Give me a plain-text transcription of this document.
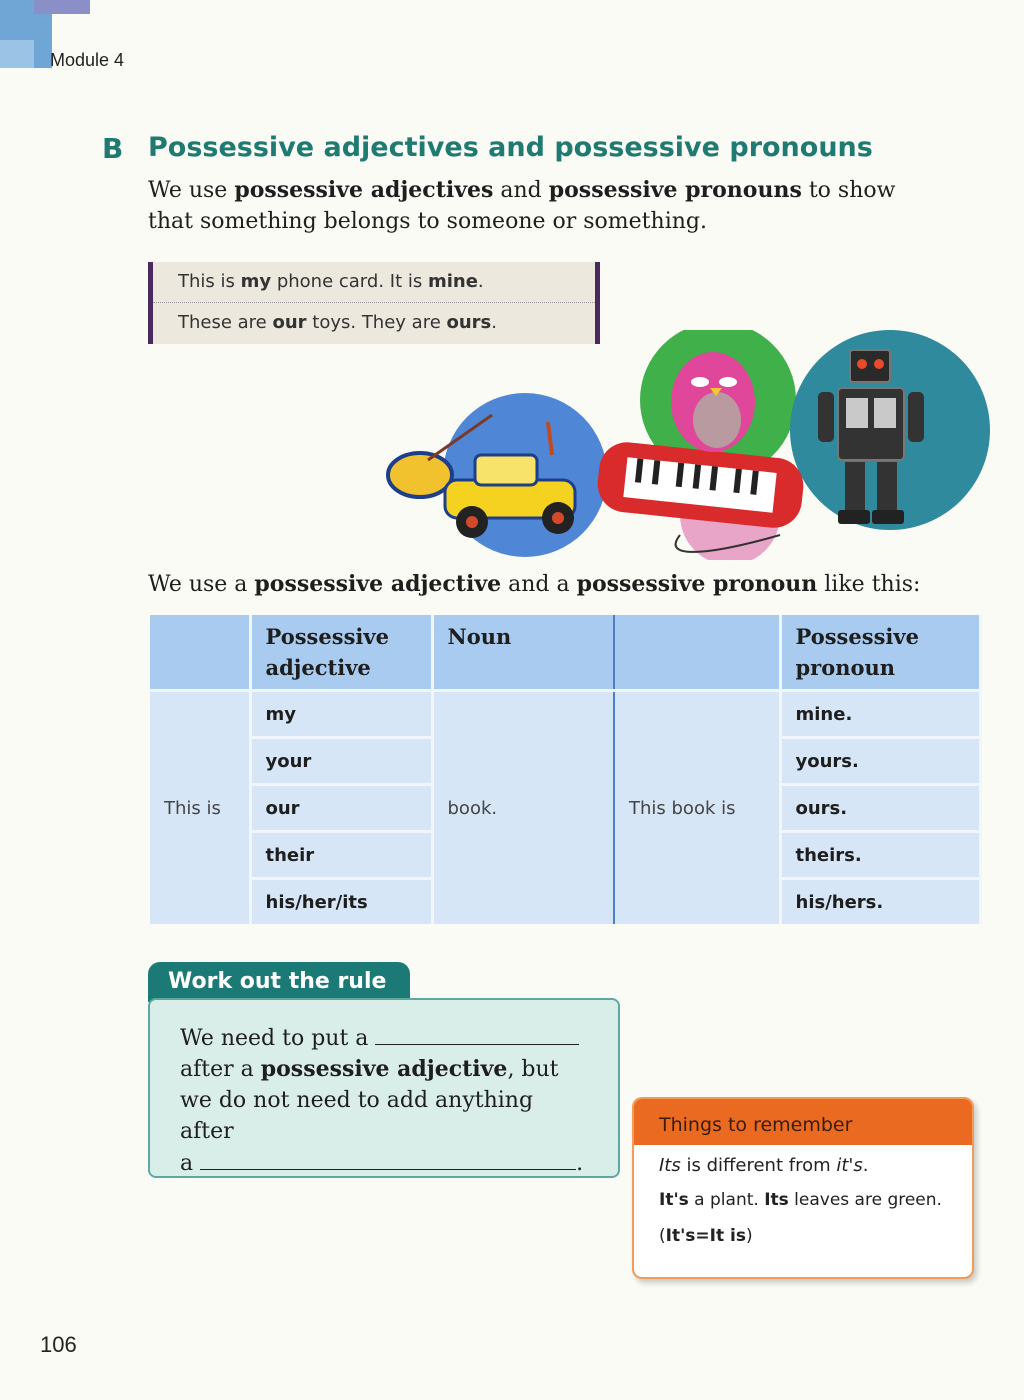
Module 4
B Possessive adjectives and possessive pronouns
We use possessive adjectives and possessive pronouns to show that something belongs to someone or something.
This is my phone card. It is mine.
These are our toys. They are ours.
We use a possessive adjective and a possessive pronoun like this:
	Possessive adjective	Noun		Possessive pronoun
This is	my	book.	This book is	mine.
	your			yours.
	our			ours.
	their			theirs.
	his/her/its			his/hers.
Work out the rule
We need to put a
after a possessive adjective, but we do not need to add anything after
a	.
Things to remember
Its is different from it's.
It's a plant. Its leaves are green.
(It's=It is)
106
